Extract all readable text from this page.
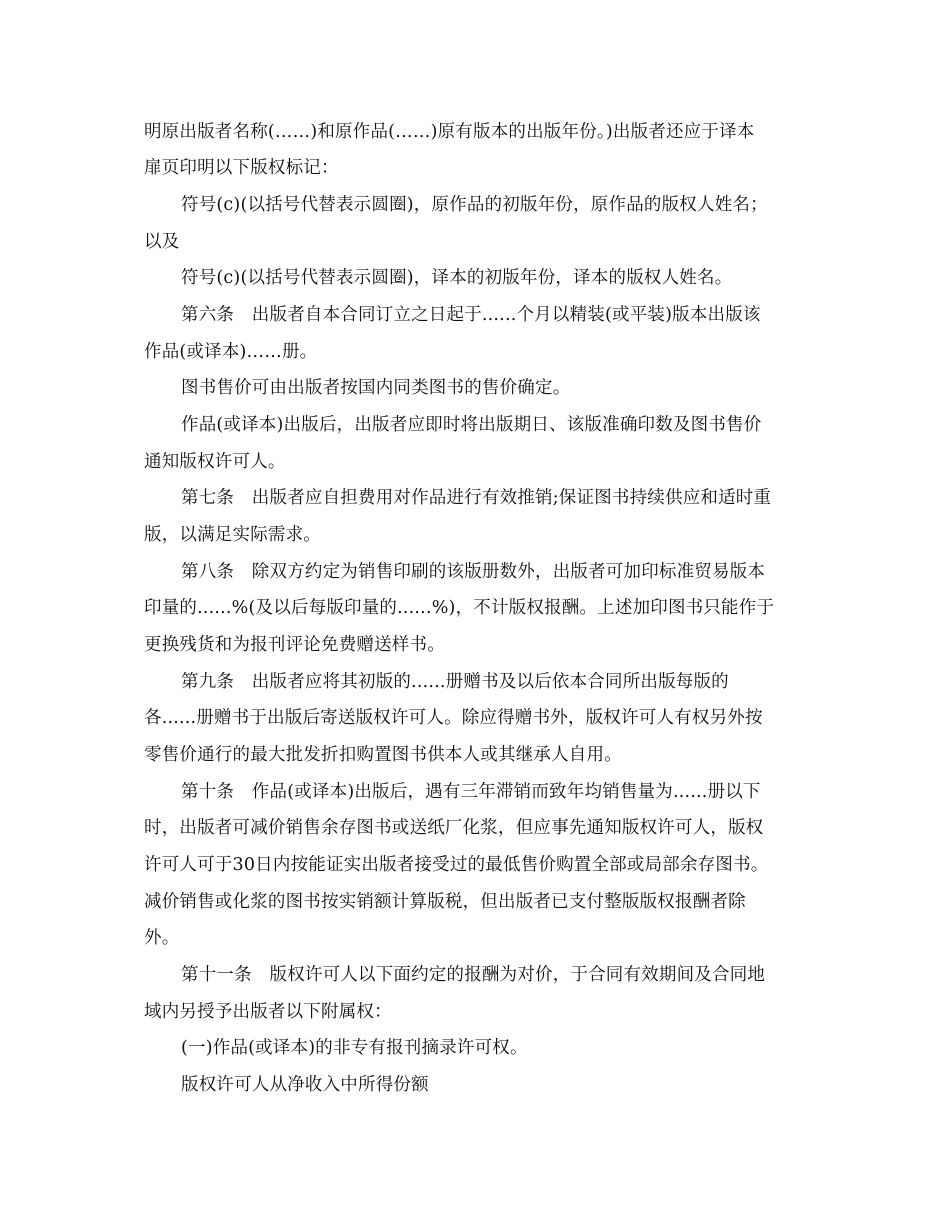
明原出版者名称(……)和原作品(……)原有版本的出版年份。)出版者还应于译本
扉页印明以下版权标记：
符号(c)(以括号代替表示圆圈)，原作品的初版年份，原作品的版权人姓名；
以及
符号(c)(以括号代替表示圆圈)，译本的初版年份，译本的版权人姓名。
第六条　出版者自本合同订立之日起于......个月以精装(或平装)版本出版该
作品(或译本)……册。
图书售价可由出版者按国内同类图书的售价确定。
作品(或译本)出版后，出版者应即时将出版期日、该版准确印数及图书售价
通知版权许可人。
第七条　出版者应自担费用对作品进行有效推销;保证图书持续供应和适时重
版，以满足实际需求。
第八条　除双方约定为销售印刷的该版册数外，出版者可加印标准贸易版本
印量的......%(及以后每版印量的......%)，不计版权报酬。上述加印图书只能作于
更换残货和为报刊评论免费赠送样书。
第九条　出版者应将其初版的......册赠书及以后依本合同所出版每版的
各......册赠书于出版后寄送版权许可人。除应得赠书外，版权许可人有权另外按
零售价通行的最大批发折扣购置图书供本人或其继承人自用。
第十条　作品(或译本)出版后，遇有三年滞销而致年均销售量为......册以下
时，出版者可减价销售余存图书或送纸厂化浆，但应事先通知版权许可人，版权
许可人可于30日内按能证实出版者接受过的最低售价购置全部或局部余存图书。
减价销售或化浆的图书按实销额计算版税，但出版者已支付整版版权报酬者除
外。
第十一条　版权许可人以下面约定的报酬为对价，于合同有效期间及合同地
域内另授予出版者以下附属权：
(一)作品(或译本)的非专有报刊摘录许可权。
版权许可人从净收入中所得份额
